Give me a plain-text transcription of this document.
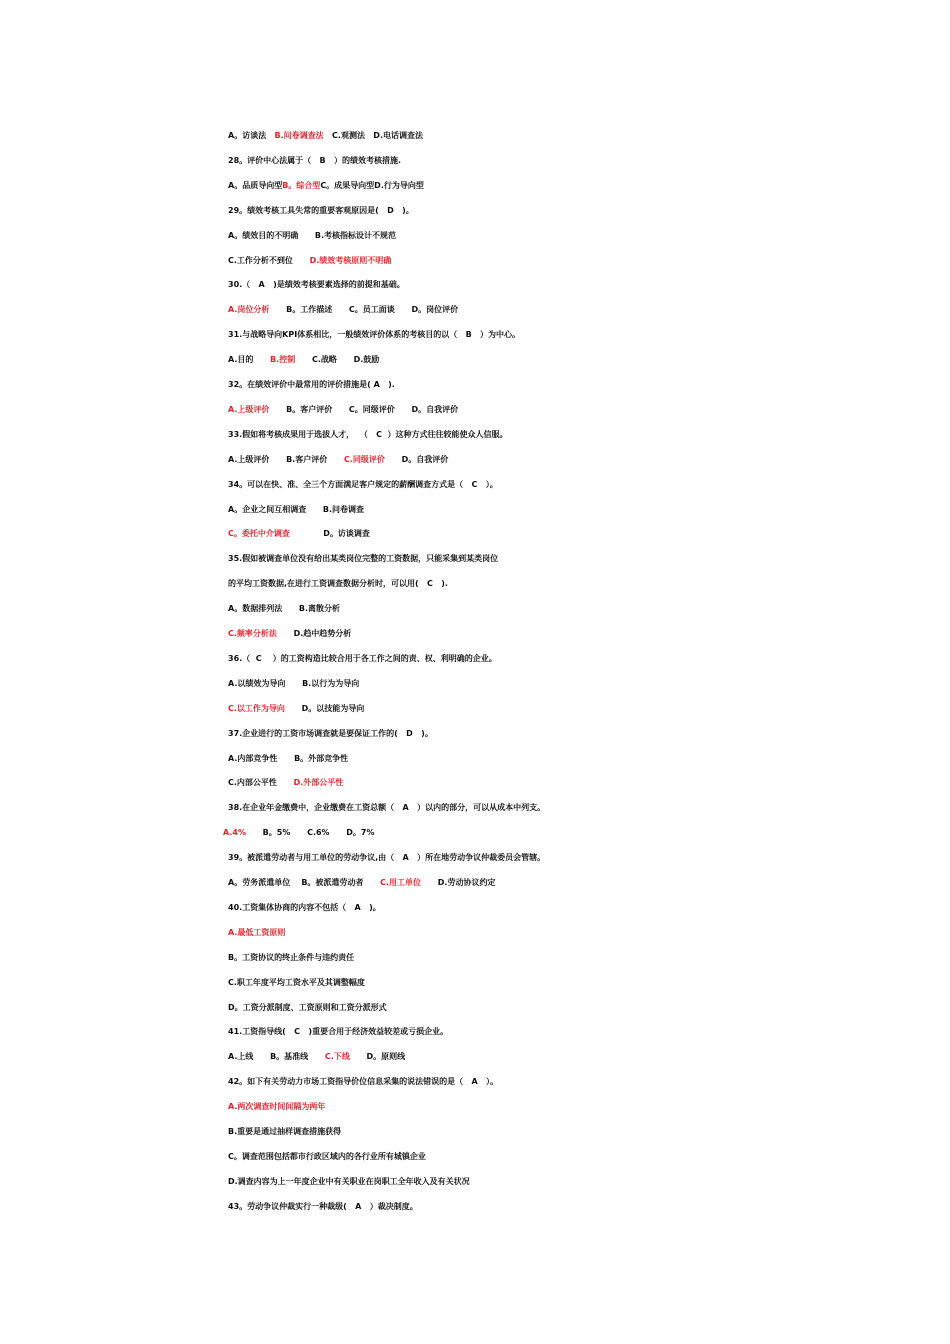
A。访谈法   B.问卷调查法   C.观测法   D.电话调查法
28。评价中心法属于（   B   ）的绩效考核措施.
A。品质导向型B。综合型C。成果导向型D.行为导向型
29。绩效考核工具失常的重要客观原因是(   D   )。
A。绩效目的不明确      B.考核指标设计不规范
C.工作分析不到位      D.绩效考核原则不明确
30.（   A   )是绩效考核要素选择的前提和基础。
A.岗位分析      B。工作描述      C。员工面谈      D。岗位评价
31.与战略导向KPI体系相比，一般绩效评价体系的考核目的以（   B   ）为中心。
A.目的      B.控制      C.战略      D.鼓励
32。在绩效评价中最常用的评价措施是( A   ).
A.上级评价      B。客户评价      C。同级评价      D。自我评价
33.假如将考核成果用于选拔人才，  （   C  ）这种方式往往较能使众人信服。
A.上级评价      B.客户评价      C.同级评价      D。自我评价
34。可以在快、准、全三个方面满足客户规定的薪酬调查方式是（   C   ）。
A。企业之间互相调查      B.问卷调查
C。委托中介调查            D。访谈调查
35.假如被调查单位没有给出某类岗位完整的工资数据，只能采集到某类岗位
的平均工资数据,在进行工资调查数据分析时，可以用(   C   ).
A。数据排列法      B.离散分析
C.频率分析法      D.趋中趋势分析
36.（  C    ）的工资构造比较合用于各工作之间的责、权、利明确的企业。
A.以绩效为导向      B.以行为为导向
C.以工作为导向      D。以技能为导向
37.企业进行的工资市场调查就是要保证工作的(   D   )。
A.内部竞争性      B。外部竞争性
C.内部公平性      D.外部公平性
38.在企业年金缴费中，企业缴费在工资总额（   A   ）以内的部分，可以从成本中列支。
A.4%      B。5%      C.6%      D。7%
39。被派遣劳动者与用工单位的劳动争议,由（   A   ）所在地劳动争议仲裁委员会管辖。
A。劳务派遣单位    B。被派遣劳动者      C.用工单位      D.劳动协议约定
40.工资集体协商的内容不包括（   A   )。
A.最低工资原则
B。工资协议的终止条件与违约责任
C.职工年度平均工资水平及其调整幅度
D。工资分派制度、工资原则和工资分派形式
41.工资指导线(   C   )重要合用于经济效益较差或亏损企业。
A.上线      B。基准线      C.下线      D。原则线
42。如下有关劳动力市场工资指导价位信息采集的说法错误的是（   A   ）。
A.两次调查时间间隔为两年
B.重要是通过抽样调查措施获得
C。调查范围包括都市行政区域内的各行业所有城镇企业
D.调查内容为上一年度企业中有关职业在岗职工全年收入及有关状况
43。劳动争议仲裁实行一种裁级(   A   ）裁决制度。
